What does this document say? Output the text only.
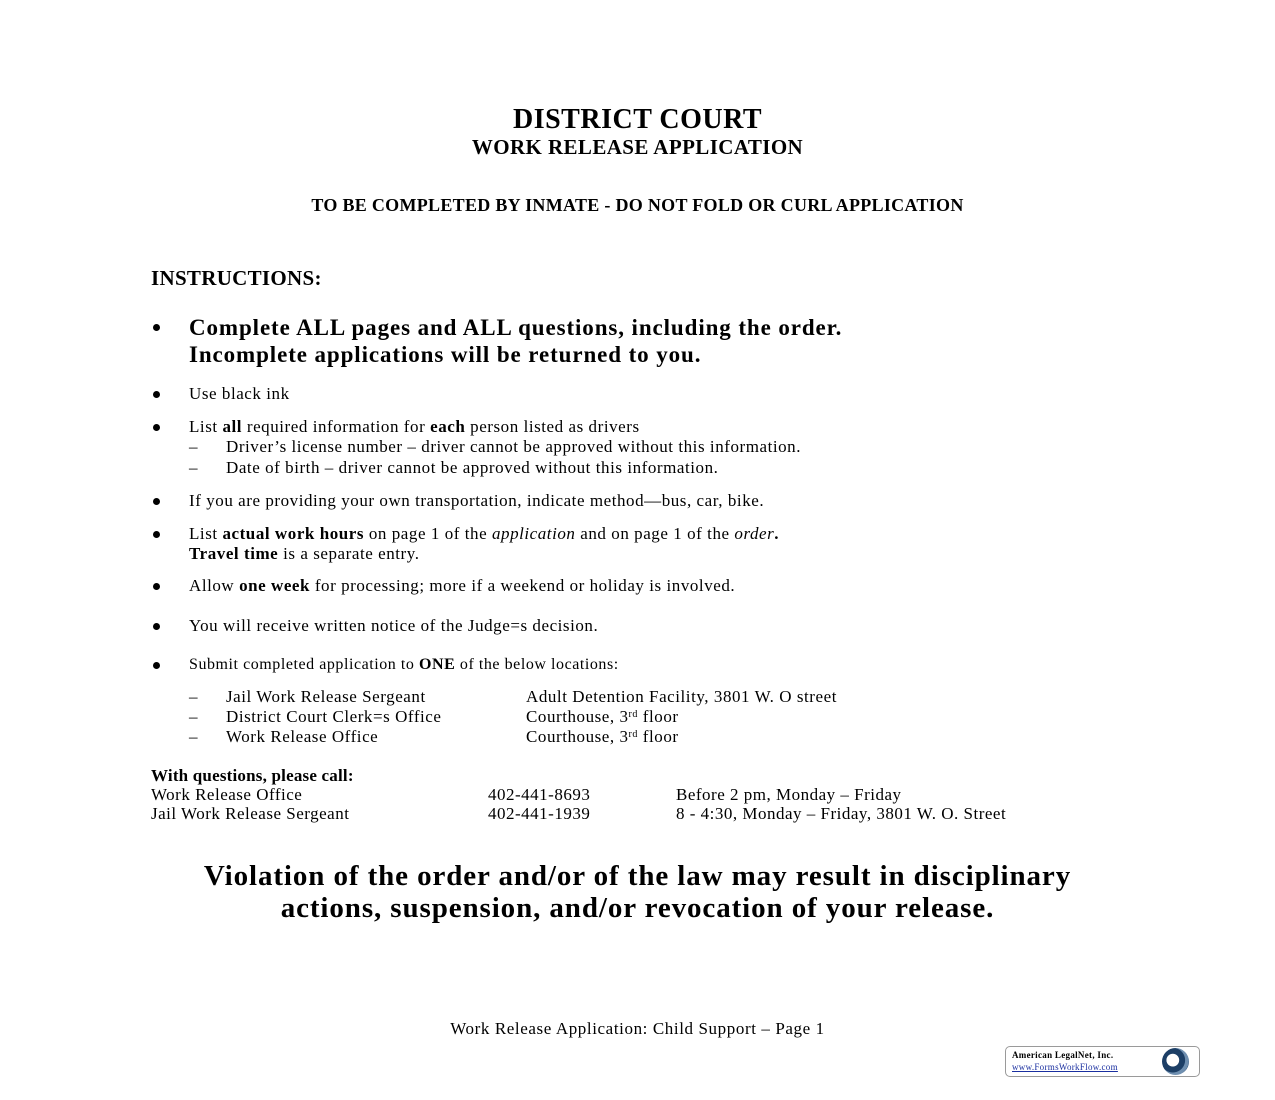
DISTRICT COURT
WORK RELEASE APPLICATION
TO BE COMPLETED BY INMATE - DO NOT FOLD OR CURL APPLICATION
INSTRUCTIONS:
Complete ALL pages and ALL questions, including the order.
Incomplete applications will be returned to you.
Use black ink
List all required information for each person listed as drivers
– Driver’s license number – driver cannot be approved without this information.
– Date of birth – driver cannot be approved without this information.
If you are providing your own transportation, indicate method—bus, car, bike.
List actual work hours on page 1 of the application and on page 1 of the order.
Travel time is a separate entry.
Allow one week for processing; more if a weekend or holiday is involved.
You will receive written notice of the Judge=s decision.
Submit completed application to ONE of the below locations:
– Jail Work Release Sergeant	Adult Detention Facility, 3801 W. O street
– District Court Clerk=s Office	Courthouse, 3rd floor
– Work Release Office	Courthouse, 3rd floor
With questions, please call:
Work Release Office	402-441-8693	Before 2 pm, Monday – Friday
Jail Work Release Sergeant	402-441-1939	8 - 4:30, Monday – Friday, 3801 W. O. Street
Violation of the order and/or of the law may result in disciplinary actions, suspension, and/or revocation of your release.
Work Release Application: Child Support – Page 1
American LegalNet, Inc.
www.FormsWorkFlow.com
